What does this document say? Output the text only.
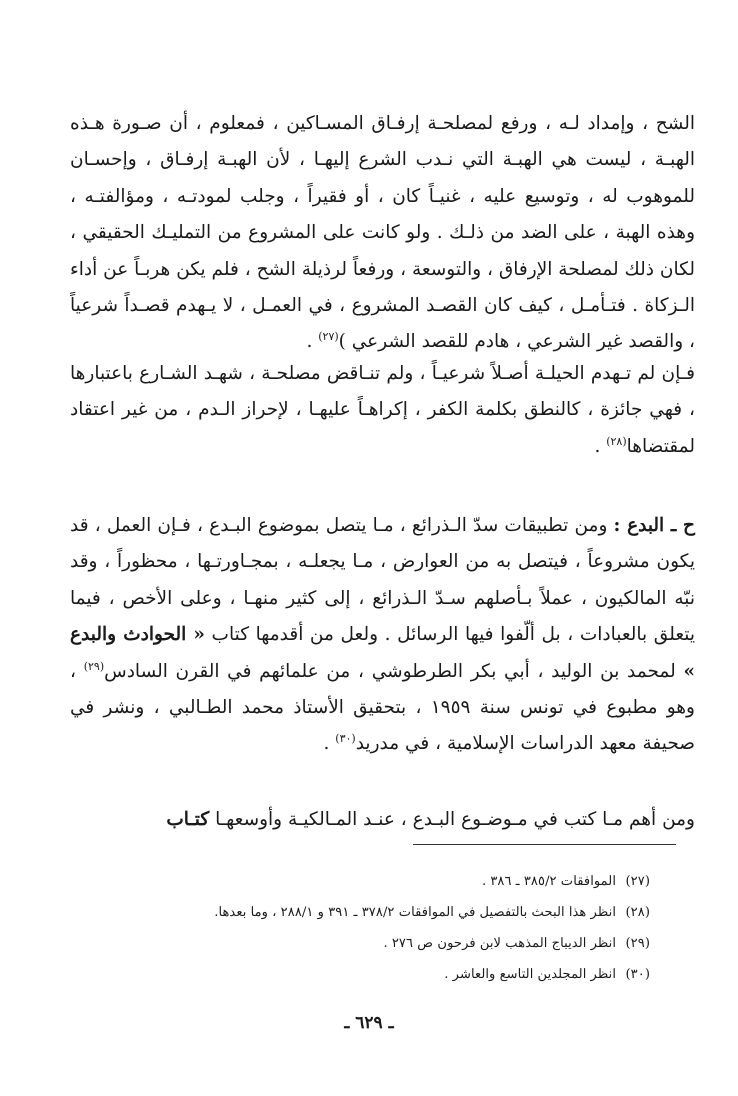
الشح ، وإمداد لـه ، ورفع لمصلحـة إرفـاق المسـاكين ، فمعلوم ، أن صـورة هـذه الهبـة ، ليست هي الهبـة التي نـدب الشرع إليهـا ، لأن الهبـة إرفـاق ، وإحسـان للموهوب له ، وتوسيع عليه ، غنيـاً كان ، أو فقيراً ، وجلب لمودتـه ، ومؤالفتـه ، وهذه الهبة ، على الضد من ذلـك . ولو كانت على المشروع من التمليـك الحقيقي ، لكان ذلك لمصلحة الإرفاق ، والتوسعة ، ورفعاً لرذيلة الشح ، فلم يكن هربـاً عن أداء الـزكاة . فتـأمـل ، كيف كان القصـد المشروع ، في العمـل ، لا يـهدم قصـداً شرعياً ، والقصد غير الشرعي ، هادم للقصد الشرعي )$^{(٢٧)}$ .

فـإن لم تـهدم الحيلـة أصـلاً شرعيـاً ، ولم تنـاقض مصلحـة ، شهـد الشـارع باعتبارها ، فهي جائزة ، كالنطق بكلمة الكفر ، إكراهـاً عليهـا ، لإحراز الـدم ، من غير اعتقاد لمقتضاها$^{(٢٨)}$ .

ح ـ البدع : ومن تطبيقات سدّ الـذرائع ، مـا يتصل بموضوع البـدع ، فـإن العمل ، قد يكون مشروعاً ، فيتصل به من العوارض ، مـا يجعلـه ، بمجـاورتـها ، محظوراً ، وقد نبّه المالكيون ، عملاً بـأصلهم سـدّ الـذرائع ، إلى كثير منهـا ، وعلى الأخص ، فيما يتعلق بالعبادات ، بل ألّفوا فيها الرسائل . ولعل من أقدمها كتاب « الحوادث والبدع » لمحمد بن الوليد ، أبي بكر الطرطوشي ، من علمائهم في القرن السادس$^{(٢٩)}$ ، وهو مطبوع في تونس سنة ١٩٥٩ ، بتحقيق الأستاذ محمد الطـالبي ، ونشر في صحيفة معهد الدراسات الإسلامية ، في مدريد$^{(٣٠)}$ .

ومن أهم مـا كتب في مـوضـوع البـدع ، عنـد المـالكيـة وأوسعهـا كتـاب

(٢٧)الموافقات ٣٨٥/٢ ـ ٣٨٦ .
(٢٨)انظر هذا البحث بالتفصيل في الموافقات ٣٧٨/٢ ـ ٣٩١ و ٢٨٨/١ ، وما بعدها.
(٢٩)انظر الديباج المذهب لابن فرحون ص ٢٧٦ .
(٣٠)انظر المجلدين التاسع والعاشر .
ـ ٦٢٩ ـ
